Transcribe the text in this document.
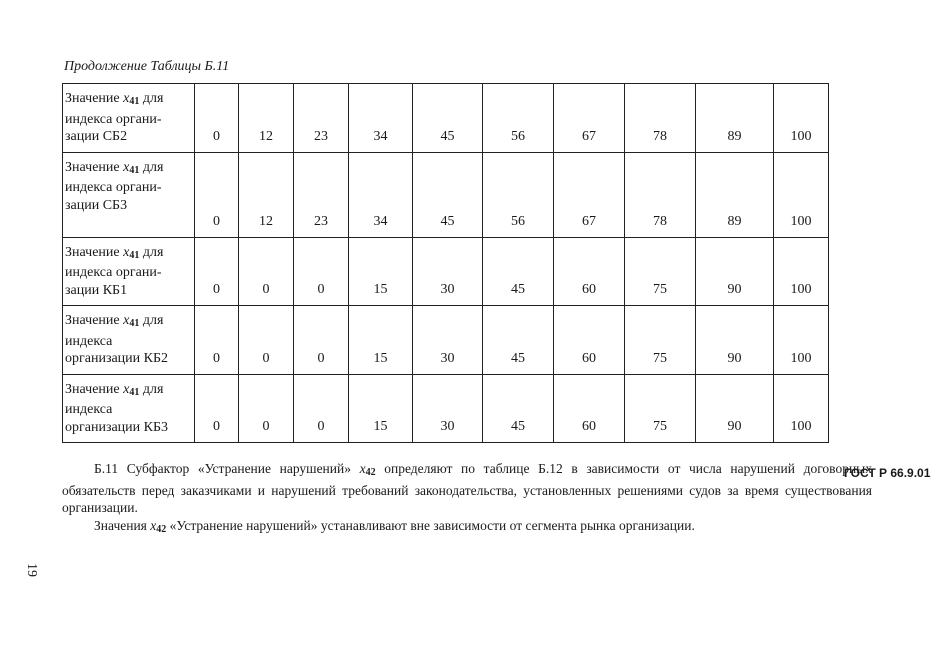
Продолжение Таблицы Б.11
Значение $x_{41}$ для
индекса органи-
зации СБ2	0	12	23	34	45	56	67	78	89	100

Значение $x_{41}$ для
индекса органи-
зации СБ3	0	12	23	34	45	56	67	78	89	100

Значение $x_{41}$ для
индекса органи-
зации КБ1	0	0	0	15	30	45	60	75	90	100

Значение $x_{41}$ для
индекса
организации КБ2	0	0	0	15	30	45	60	75	90	100

Значение $x_{41}$ для
индекса
организации КБ3	0	0	0	15	30	45	60	75	90	100

Б.11 Субфактор «Устранение нарушений» $x_{42}$ определяют по таблице Б.12 в зависимости от числа нарушений договорных обязательств перед заказчиками и нарушений требований законодательства, установленных решениями судов за время существования организации.

Значения $x_{42}$ «Устранение нарушений» устанавливают вне зависимости от сегмента рынка организации.

ГОСТ Р 66.9.01
19
